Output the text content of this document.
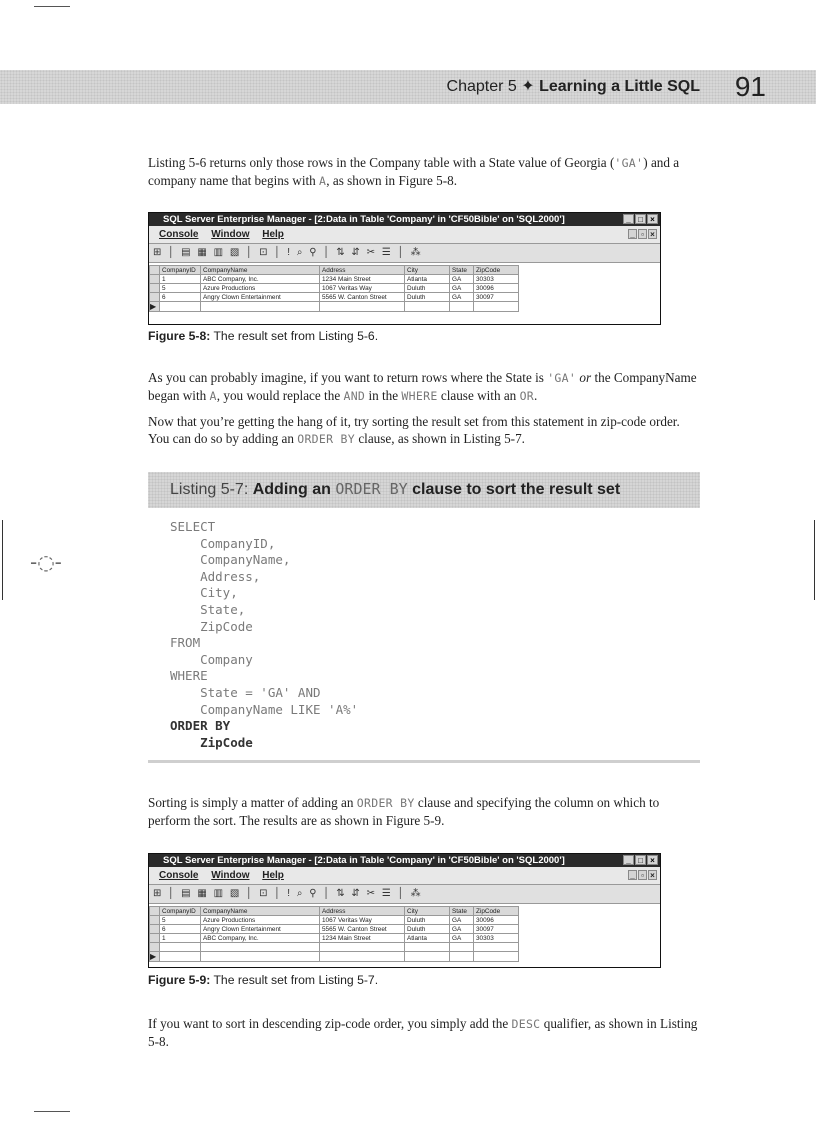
-◌-
Chapter 5 ✦ Learning a Little SQL 91

Listing 5-6 returns only those rows in the Company table with a State value of Georgia ('GA') and a company name that begins with A, as shown in Figure 5-8.

SQL Server Enterprise Manager - [2:Data in Table 'Company' in 'CF50Bible' on 'SQL2000']	_ □ ×
Console Window Help	_ ▫ ×
⊞ │ ▤ ▦ ▥ ▧ │ ⊡ │ ! ⌕ ⚲ │ ⇅ ⇵ ✂ ☰ │ ⁂
	CompanyID	CompanyName	Address	City	State	ZipCode
	1	ABC Company, Inc.	1234 Main Street	Atlanta	GA	30303
	5	Azure Productions	1067 Veritas Way	Duluth	GA	30096
	6	Angry Clown Entertainment	5565 W. Canton Street	Duluth	GA	30097
▶						
Figure 5-8: The result set from Listing 5-6.

As you can probably imagine, if you want to return rows where the State is 'GA' or the CompanyName began with A, you would replace the AND in the WHERE clause with an OR.

Now that you’re getting the hang of it, try sorting the result set from this statement in zip-code order. You can do so by adding an ORDER BY clause, as shown in Listing 5-7.

Listing 5-7: Adding an ORDER BY clause to sort the result set
SELECT
CompanyID,
CompanyName,
Address,
City,
State,
ZipCode
FROM
Company
WHERE
State = 'GA' AND
CompanyName LIKE 'A%'
ORDER BY
ZipCode

Sorting is simply a matter of adding an ORDER BY clause and specifying the column on which to perform the sort. The results are as shown in Figure 5-9.

SQL Server Enterprise Manager - [2:Data in Table 'Company' in 'CF50Bible' on 'SQL2000']	_ □ ×
Console Window Help	_ ▫ ×
⊞ │ ▤ ▦ ▥ ▧ │ ⊡ │ ! ⌕ ⚲ │ ⇅ ⇵ ✂ ☰ │ ⁂
	CompanyID	CompanyName	Address	City	State	ZipCode
	5	Azure Productions	1067 Veritas Way	Duluth	GA	30096
	6	Angry Clown Entertainment	5565 W. Canton Street	Duluth	GA	30097
	1	ABC Company, Inc.	1234 Main Street	Atlanta	GA	30303

▶						
Figure 5-9: The result set from Listing 5-7.

If you want to sort in descending zip-code order, you simply add the DESC qualifier, as shown in Listing 5-8.
